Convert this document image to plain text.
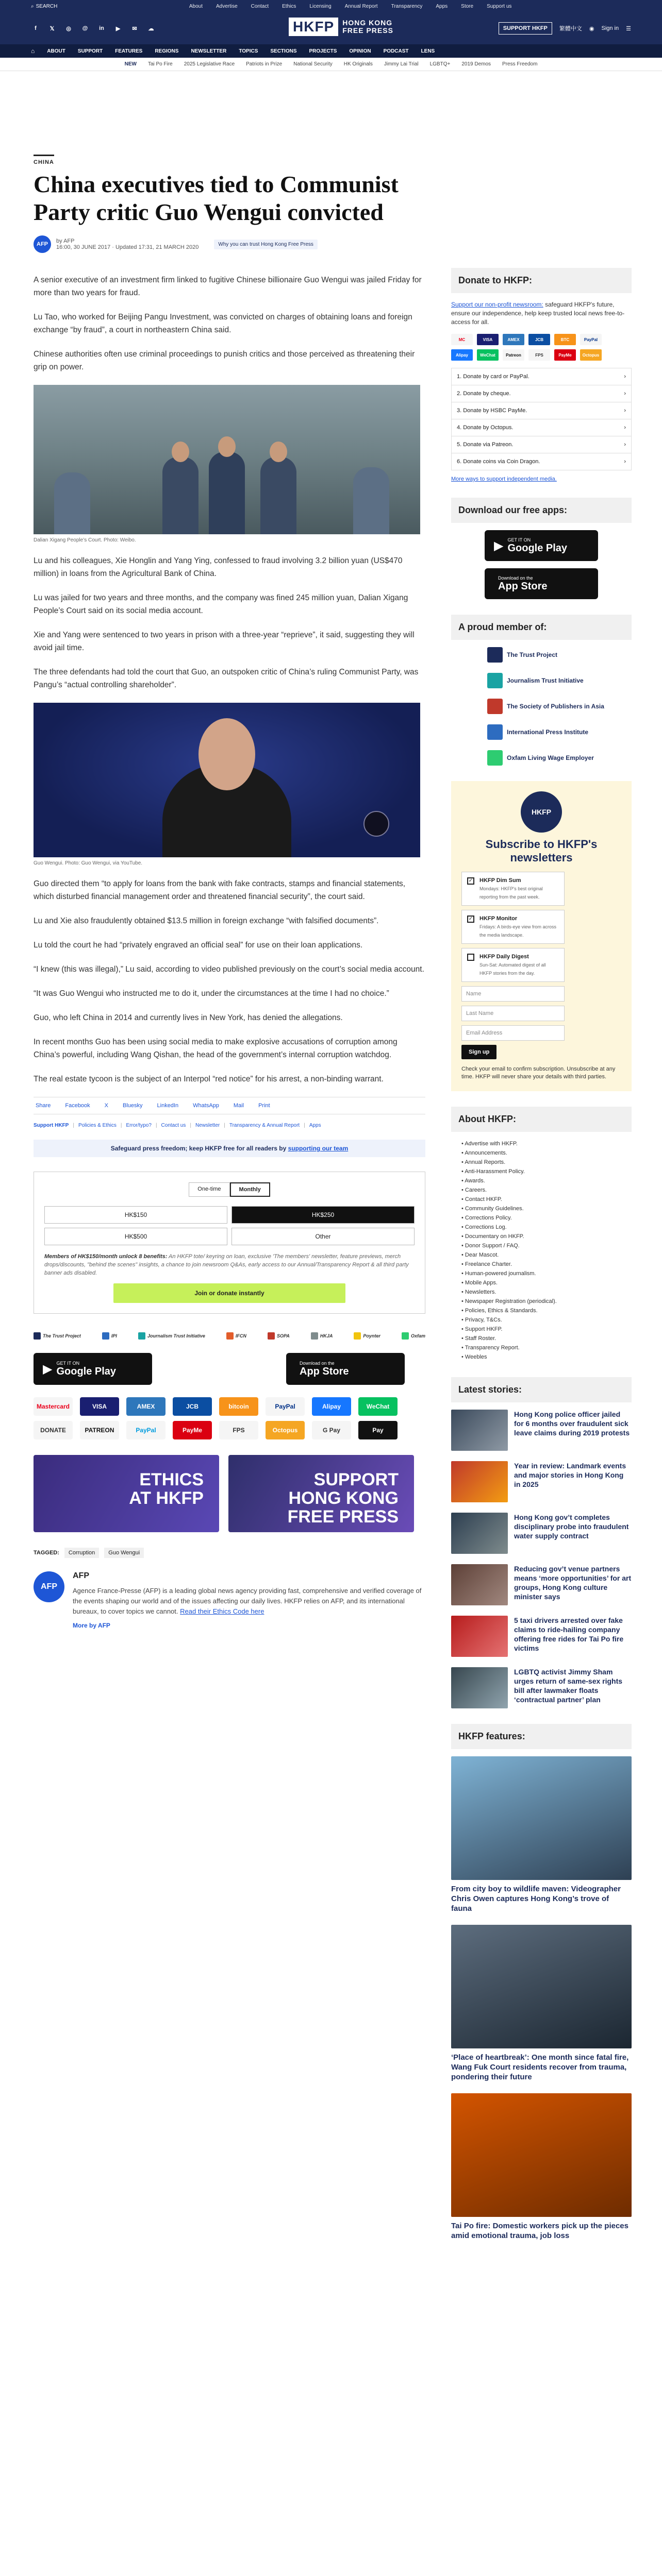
⌕ SEARCH	About	Advertise	Contact	Ethics	Licensing	Annual Report	Transparency	Apps	Store	Support us
f	𝕏	◎	@	in	▶	✉	☁	HKFP	HONG KONG
FREE PRESS	SUPPORT HKFP	繁體中文 ◉ Sign in ☰
⌂ ABOUT SUPPORT FEATURES REGIONS NEWSLETTER TOPICS SECTIONS PROJECTS OPINION PODCAST LENS
NEW Tai Po Fire 2025 Legislative Race Patriots in Prize National Security HK Originals Jimmy Lai Trial LGBTQ+ 2019 Demos Press Freedom
CHINA
China executives tied to Communist Party critic Guo Wengui convicted
AFP	by AFP
16:00, 30 JUNE 2017 · Updated 17:31, 21 MARCH 2020	Why you can trust Hong Kong Free Press

A senior executive of an investment firm linked to fugitive Chinese billionaire Guo Wengui was jailed Friday for more than two years for fraud.

Lu Tao, who worked for Beijing Pangu Investment, was convicted on charges of obtaining loans and foreign exchange “by fraud”, a court in northeastern China said.

Chinese authorities often use criminal proceedings to punish critics and those perceived as threatening their grip on power.

Dalian Xigang People’s Court. Photo: Weibo.

Lu and his colleagues, Xie Honglin and Yang Ying, confessed to fraud involving 3.2 billion yuan (US$470 million) in loans from the Agricultural Bank of China.

Lu was jailed for two years and three months, and the company was fined 245 million yuan, Dalian Xigang People’s Court said on its social media account.

Xie and Yang were sentenced to two years in prison with a three-year “reprieve”, it said, suggesting they will avoid jail time.

The three defendants had told the court that Guo, an outspoken critic of China’s ruling Communist Party, was Pangu’s “actual controlling shareholder”.

Guo Wengui. Photo: Guo Wengui, via YouTube.

Guo directed them “to apply for loans from the bank with fake contracts, stamps and financial statements, which disturbed financial management order and threatened financial security”, the court said.

Lu and Xie also fraudulently obtained $13.5 million in foreign exchange “with falsified documents”.

Lu told the court he had “privately engraved an official seal” for use on their loan applications.

“I knew (this was illegal),” Lu said, according to video published previously on the court’s social media account.

“It was Guo Wengui who instructed me to do it, under the circumstances at the time I had no choice.”

Guo, who left China in 2014 and currently lives in New York, has denied the allegations.

In recent months Guo has been using social media to make explosive accusations of corruption among China’s powerful, including Wang Qishan, the head of the government’s internal corruption watchdog.

The real estate tycoon is the subject of an Interpol “red notice” for his arrest, a non-binding warrant.

Share	Facebook	X	Bluesky	LinkedIn	WhatsApp	Mail	Print
Support HKFP | Policies & Ethics | Error/typo? | Contact us | Newsletter | Transparency & Annual Report | Apps
Safeguard press freedom; keep HKFP free for all readers by supporting our team
One-time	Monthly
HK$150	HK$250
HK$500	Other
Members of HK$150/month unlock 8 benefits: An HKFP tote/ keyring on loan, exclusive 'The members' newsletter, feature previews, merch drops/discounts, "behind the scenes" insights, a chance to join newsroom Q&As, early access to our Annual/Transparency Report & all third party banner ads disabled.
Join or donate instantly
The Trust Project	IPI	Journalism Trust Initiative	IFCN	SOPA	HKJA	Poynter	Oxfam
▶ GET IT ON
Google Play
Download on the
App Store
Mastercard	VISA	AMEX	JCB	bitcoin	PayPal	Alipay	WeChat
DONATE	PATREON	PayPal	PayMe	FPS	Octopus	G Pay	Pay
ETHICS
AT HKFP
SUPPORT
HONG KONG
FREE PRESS
TAGGED:	Corruption	Guo Wengui
AFP
AFP

Agence France-Presse (AFP) is a leading global news agency providing fast, comprehensive and verified coverage of the events shaping our world and of the issues affecting our daily lives. HKFP relies on AFP, and its international bureaux, to cover topics we cannot. Read their Ethics Code here

More by AFP
Donate to HKFP:
Support our non-profit newsroom: safeguard HKFP's future, ensure our independence, help keep trusted local news free-to-access for all.
MC	VISA	AMEX	JCB	BTC	PayPal
Alipay	WeChat	Patreon	FPS	PayMe	Octopus
1. Donate by card or PayPal.	›
2. Donate by cheque.	›
3. Donate by HSBC PayMe.	›
4. Donate by Octopus.	›
5. Donate via Patreon.	›
6. Donate coins via Coin Dragon.	›
More ways to support independent media.
Download our free apps:
▶ GET IT ON
Google Play
Download on the
App Store
A proud member of:
The Trust Project
Journalism Trust Initiative
The Society of Publishers in Asia
International Press Institute
Oxfam Living Wage Employer
HKFP
Subscribe to HKFP's newsletters
✓ HKFP Dim Sum
Mondays: HKFP's best original reporting from the past week.
✓ HKFP Monitor
Fridays: A birds-eye view from across the media landscape.
HKFP Daily Digest
Sun-Sat: Automated digest of all HKFP stories from the day.
Name
Last Name
Email Address
Sign up
Check your email to confirm subscription. Unsubscribe at any time. HKFP will never share your details with third parties.
About HKFP:
• Advertise with HKFP.
• Announcements.
• Annual Reports.
• Anti-Harassment Policy.
• Awards.
• Careers.
• Contact HKFP.
• Community Guidelines.
• Corrections Policy.
• Corrections Log.
• Documentary on HKFP.
• Donor Support / FAQ.
• Dear Mascot.
• Freelance Charter.
• Human-powered journalism.
• Mobile Apps.
• Newsletters.
• Newspaper Registration (periodical).
• Policies, Ethics & Standards.
• Privacy, T&Cs.
• Support HKFP.
• Staff Roster.
• Transparency Report.
• Weebles
Latest stories:
Hong Kong police officer jailed for 6 months over fraudulent sick leave claims during 2019 protests
Year in review: Landmark events and major stories in Hong Kong in 2025
Hong Kong gov’t completes disciplinary probe into fraudulent water supply contract
Reducing gov’t venue partners means ‘more opportunities’ for art groups, Hong Kong culture minister says
5 taxi drivers arrested over fake claims to ride-hailing company offering free rides for Tai Po fire victims
LGBTQ activist Jimmy Sham urges return of same-sex rights bill after lawmaker floats ‘contractual partner’ plan
HKFP features:
From city boy to wildlife maven: Videographer Chris Owen captures Hong Kong’s trove of fauna
‘Place of heartbreak’: One month since fatal fire, Wang Fuk Court residents recover from trauma, pondering their future
Tai Po fire: Domestic workers pick up the pieces amid emotional trauma, job loss
